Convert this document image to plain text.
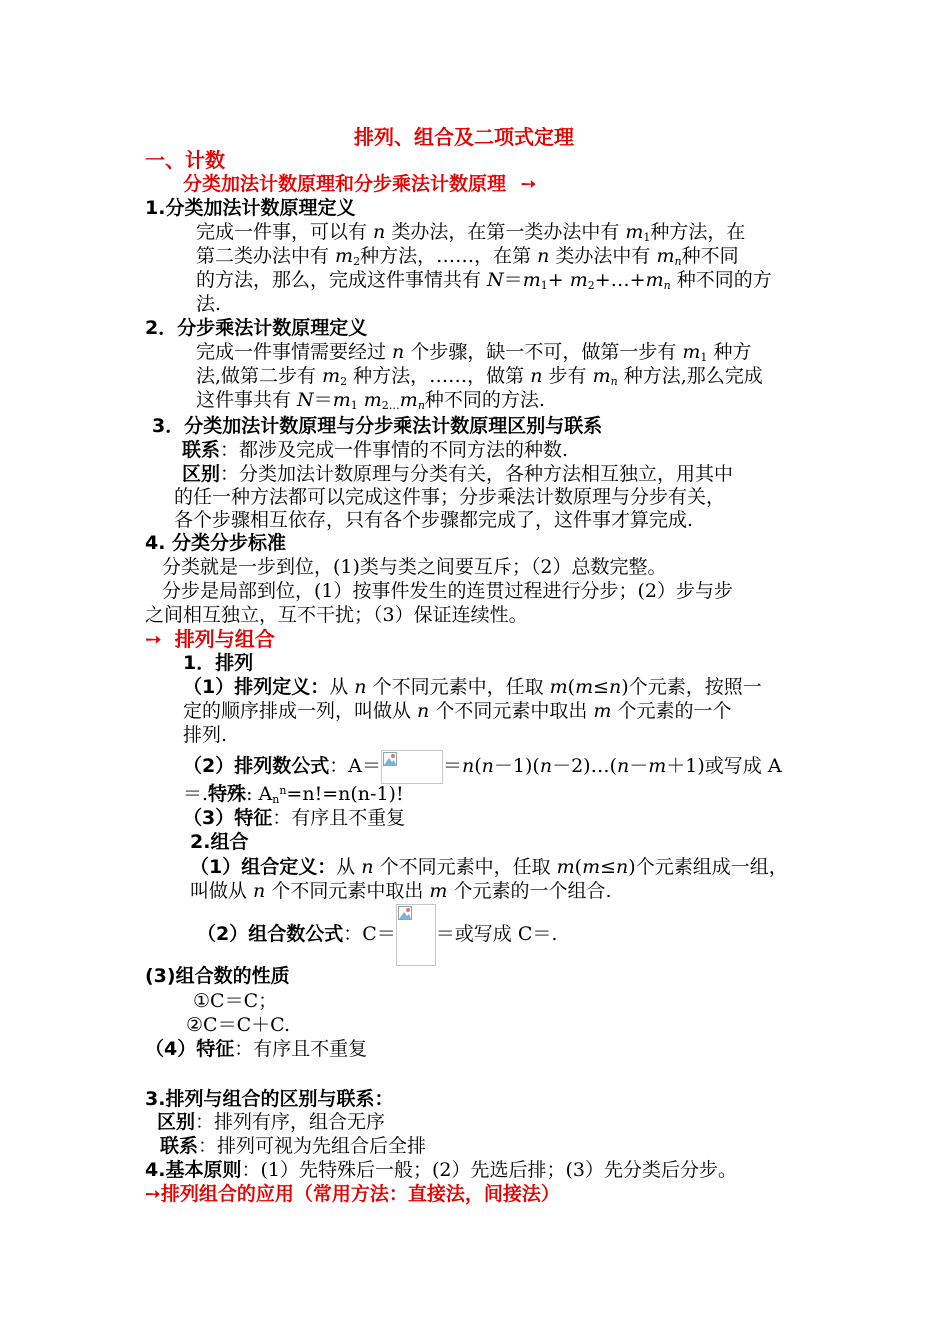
排列、组合及二项式定理
一、计数
分类加法计数原理和分步乘法计数原理 ➙
1.分类加法计数原理定义
完成一件事，可以有 n 类办法，在第一类办法中有 $m_1$种方法，在
第二类办法中有 $m_2$种方法，……，在第 n 类办法中有 $m_n$种不同
的方法，那么，完成这件事情共有 $N=m_1+$ $m_2+\dots+m_n$ 种不同的方
法.
2．分步乘法计数原理定义
完成一件事情需要经过 n 个步骤，缺一不可，做第一步有 $m_1$ 种方
法,做第二步有 $m_2$ 种方法，……，做第 n 步有 $m_n$ 种方法,那么完成
这件事共有 $N=m_1$ $m_{2\dots}m_n$种不同的方法.
3．分类加法计数原理与分步乘法计数原理区别与联系
联系：都涉及完成一件事情的不同方法的种数.
区别：分类加法计数原理与分类有关，各种方法相互独立，用其中
的任一种方法都可以完成这件事；分步乘法计数原理与分步有关，
各个步骤相互依存，只有各个步骤都完成了，这件事才算完成.
4. 分类分步标准
分类就是一步到位，(1)类与类之间要互斥；（2）总数完整。
分步是局部到位，(1）按事件发生的连贯过程进行分步；(2）步与步
之间相互独立，互不干扰；（3）保证连续性。
➙ 排列与组合
1．排列
（1）排列定义：从 n 个不同元素中，任取 m(m≤n)个元素，按照一
定的顺序排成一列，叫做从 n 个不同元素中取出 m 个元素的一个
排列.
（2）排列数公式：A＝	＝n(n－1)(n－2)…(n－m＋1)或写成 A
＝.特殊: $A_n^n=n!=n(n-1)$!
（3）特征：有序且不重复
2.组合
（1）组合定义：从 n 个不同元素中，任取 m(m≤n)个元素组成一组，
叫做从 n 个不同元素中取出 m 个元素的一个组合.
（2）组合数公式：C＝ ＝或写成 C＝.
(3)组合数的性质
①C＝C；
②C＝C＋C.
（4）特征：有序且不重复
3.排列与组合的区别与联系：
区别：排列有序，组合无序
联系：排列可视为先组合后全排
4.基本原则：(1）先特殊后一般；(2）先选后排；(3）先分类后分步。
➙排列组合的应用（常用方法：直接法，间接法）
